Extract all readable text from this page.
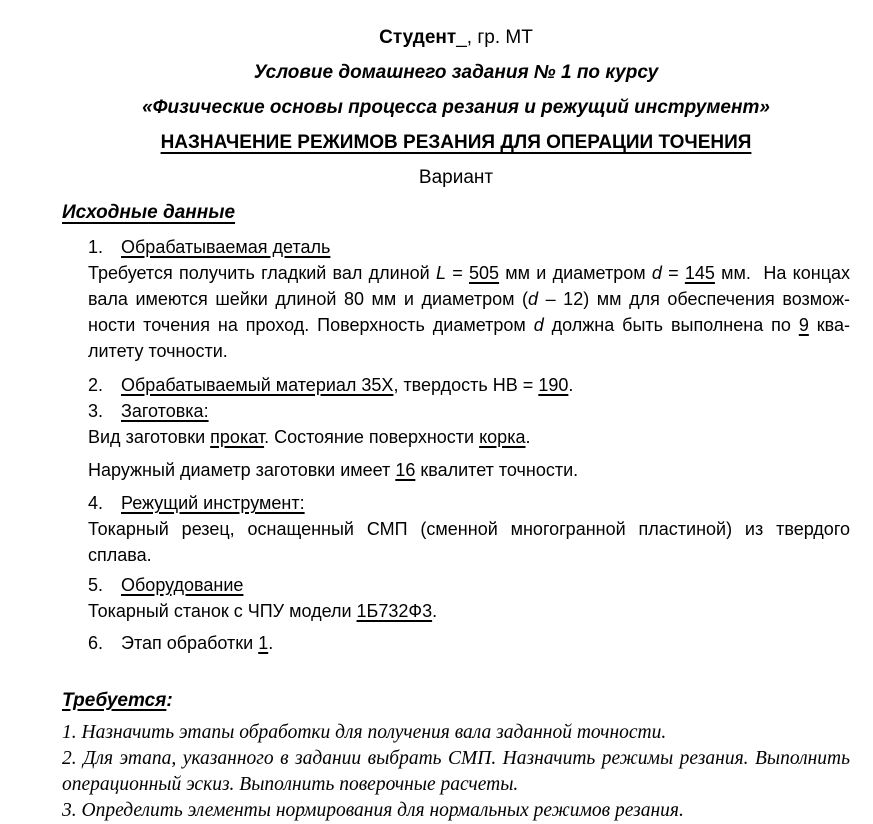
Студент_, гр. МТ
Условие домашнего задания № 1 по курсу
«Физические основы процесса резания и режущий инструмент»
НАЗНАЧЕНИЕ РЕЖИМОВ РЕЗАНИЯ ДЛЯ ОПЕРАЦИИ ТОЧЕНИЯ
Вариант
Исходные данные
1. Обрабатываемая деталь
Требуется получить гладкий вал длиной L = 505 мм и диаметром d = 145 мм.  На концах
вала имеются шейки длиной 80 мм и диаметром (d – 12) мм для обеспечения возмож-
ности точения на проход. Поверхность диаметром d должна быть выполнена по 9 ква-
литету точности.
2. Обрабатываемый материал 35Х, твердость НВ = 190.
3. Заготовка:
Вид заготовки прокат. Состояние поверхности корка.
Наружный диаметр заготовки имеет 16 квалитет точности.
4. Режущий инструмент:
Токарный резец, оснащенный СМП (сменной многогранной пластиной) из твердого
сплава.
5. Оборудование
Токарный станок с ЧПУ модели 1Б732Ф3.
6. Этап обработки 1.
Требуется:
1. Назначить этапы обработки для получения вала заданной точности.
2. Для этапа, указанного в задании выбрать СМП. Назначить режимы резания. Выполнить
операционный эскиз. Выполнить поверочные расчеты.
3. Определить элементы нормирования для нормальных режимов резания.
